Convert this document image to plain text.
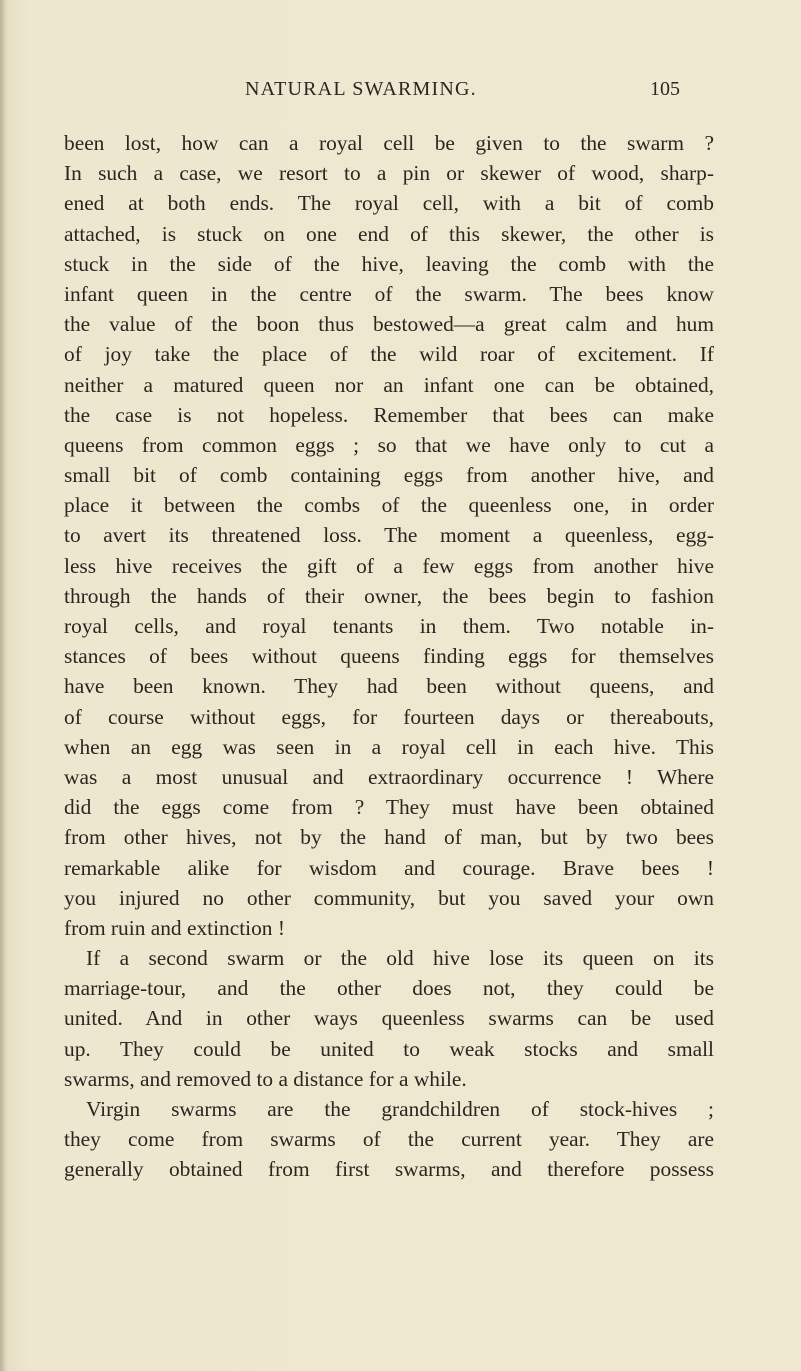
NATURAL SWARMING.	105
been lost, how can a royal cell be given to the swarm ?
In such a case, we resort to a pin or skewer of wood, sharp-
ened at both ends. The royal cell, with a bit of comb
attached, is stuck on one end of this skewer, the other is
stuck in the side of the hive, leaving the comb with the
infant queen in the centre of the swarm. The bees know
the value of the boon thus bestowed—a great calm and hum
of joy take the place of the wild roar of excitement. If
neither a matured queen nor an infant one can be obtained,
the case is not hopeless. Remember that bees can make
queens from common eggs ; so that we have only to cut a
small bit of comb containing eggs from another hive, and
place it between the combs of the queenless one, in order
to avert its threatened loss. The moment a queenless, egg-
less hive receives the gift of a few eggs from another hive
through the hands of their owner, the bees begin to fashion
royal cells, and royal tenants in them. Two notable in-
stances of bees without queens finding eggs for themselves
have been known. They had been without queens, and
of course without eggs, for fourteen days or thereabouts,
when an egg was seen in a royal cell in each hive. This
was a most unusual and extraordinary occurrence ! Where
did the eggs come from ? They must have been obtained
from other hives, not by the hand of man, but by two bees
remarkable alike for wisdom and courage. Brave bees !
you injured no other community, but you saved your own
from ruin and extinction !
If a second swarm or the old hive lose its queen on its
marriage-tour, and the other does not, they could be
united. And in other ways queenless swarms can be used
up. They could be united to weak stocks and small
swarms, and removed to a distance for a while.
Virgin swarms are the grandchildren of stock-hives ;
they come from swarms of the current year. They are
generally obtained from first swarms, and therefore possess
